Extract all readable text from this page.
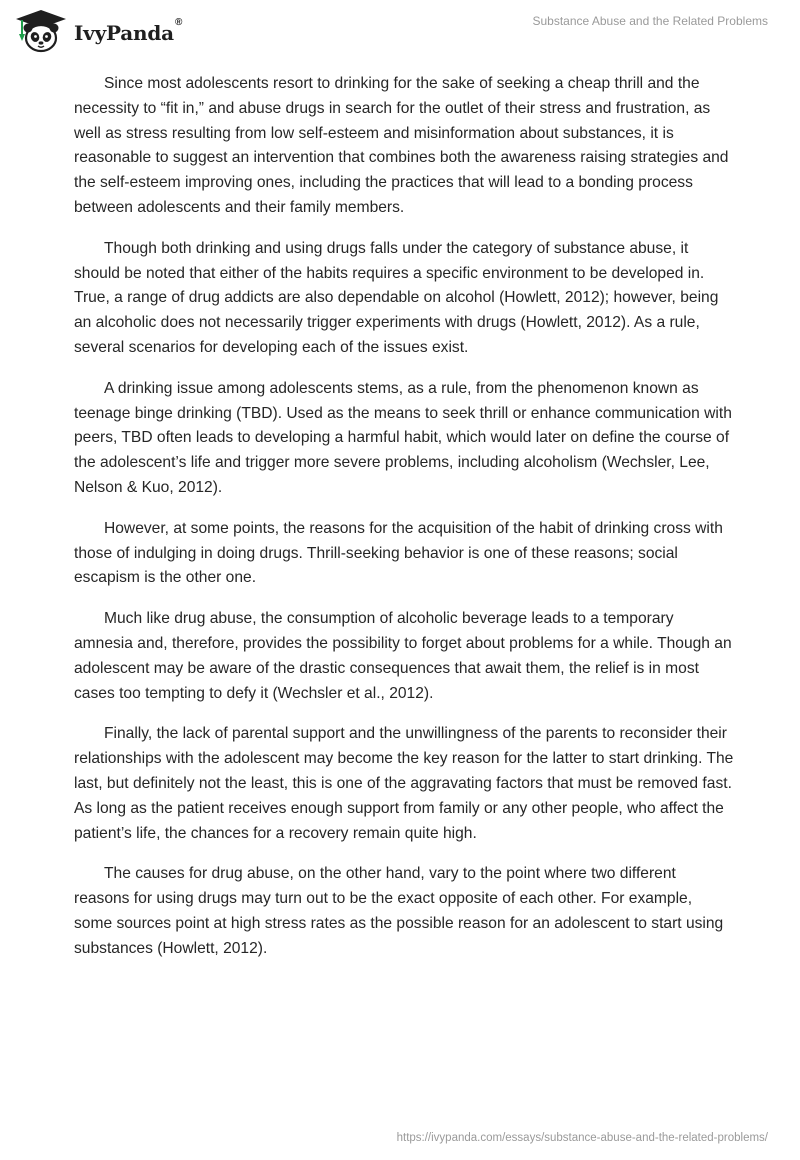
IvyPanda®	Substance Abuse and the Related Problems

Since most adolescents resort to drinking for the sake of seeking a cheap thrill and the necessity to “fit in,” and abuse drugs in search for the outlet of their stress and frustration, as well as stress resulting from low self-esteem and misinformation about substances, it is reasonable to suggest an intervention that combines both the awareness raising strategies and the self-esteem improving ones, including the practices that will lead to a bonding process between adolescents and their family members.

Though both drinking and using drugs falls under the category of substance abuse, it should be noted that either of the habits requires a specific environment to be developed in. True, a range of drug addicts are also dependable on alcohol (Howlett, 2012); however, being an alcoholic does not necessarily trigger experiments with drugs (Howlett, 2012). As a rule, several scenarios for developing each of the issues exist.

A drinking issue among adolescents stems, as a rule, from the phenomenon known as teenage binge drinking (TBD). Used as the means to seek thrill or enhance communication with peers, TBD often leads to developing a harmful habit, which would later on define the course of the adolescent’s life and trigger more severe problems, including alcoholism (Wechsler, Lee, Nelson & Kuo, 2012).

However, at some points, the reasons for the acquisition of the habit of drinking cross with those of indulging in doing drugs. Thrill-seeking behavior is one of these reasons; social escapism is the other one.

Much like drug abuse, the consumption of alcoholic beverage leads to a temporary amnesia and, therefore, provides the possibility to forget about problems for a while. Though an adolescent may be aware of the drastic consequences that await them, the relief is in most cases too tempting to defy it (Wechsler et al., 2012).

Finally, the lack of parental support and the unwillingness of the parents to reconsider their relationships with the adolescent may become the key reason for the latter to start drinking. The last, but definitely not the least, this is one of the aggravating factors that must be removed fast. As long as the patient receives enough support from family or any other people, who affect the patient’s life, the chances for a recovery remain quite high.

The causes for drug abuse, on the other hand, vary to the point where two different reasons for using drugs may turn out to be the exact opposite of each other. For example, some sources point at high stress rates as the possible reason for an adolescent to start using substances (Howlett, 2012).

https://ivypanda.com/essays/substance-abuse-and-the-related-problems/
